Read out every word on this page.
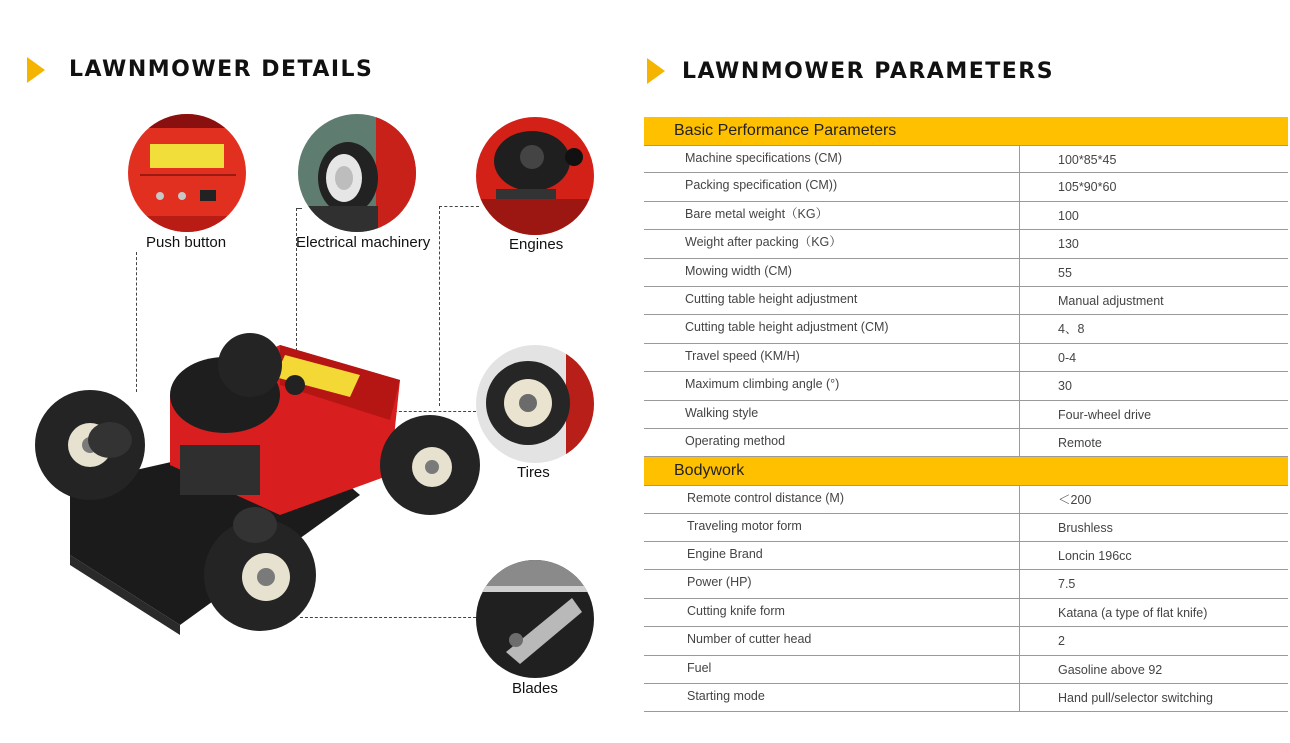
LAWNMOWER DETAILS	LAWNMOWER PARAMETERS
Push button	Electrical machinery	Engines
Tires
Blades
Basic Performance Parameters
Machine specifications (CM)	100*85*45
Packing specification (CM))	105*90*60
Bare metal weight（KG）	100
Weight after packing（KG）	130
Mowing width (CM)	55
Cutting table height adjustment	Manual adjustment
Cutting table height adjustment (CM)	4、8
Travel speed (KM/H)	0-4
Maximum climbing angle (°)	30
Walking style	Four-wheel drive
Operating method	Remote
Bodywork
Remote control distance (M)	＜200
Traveling motor form	Brushless
Engine Brand	Loncin 196cc
Power (HP)	7.5
Cutting knife form	Katana (a type of flat knife)
Number of cutter head	2
Fuel	Gasoline above 92
Starting mode	Hand pull/selector switching
